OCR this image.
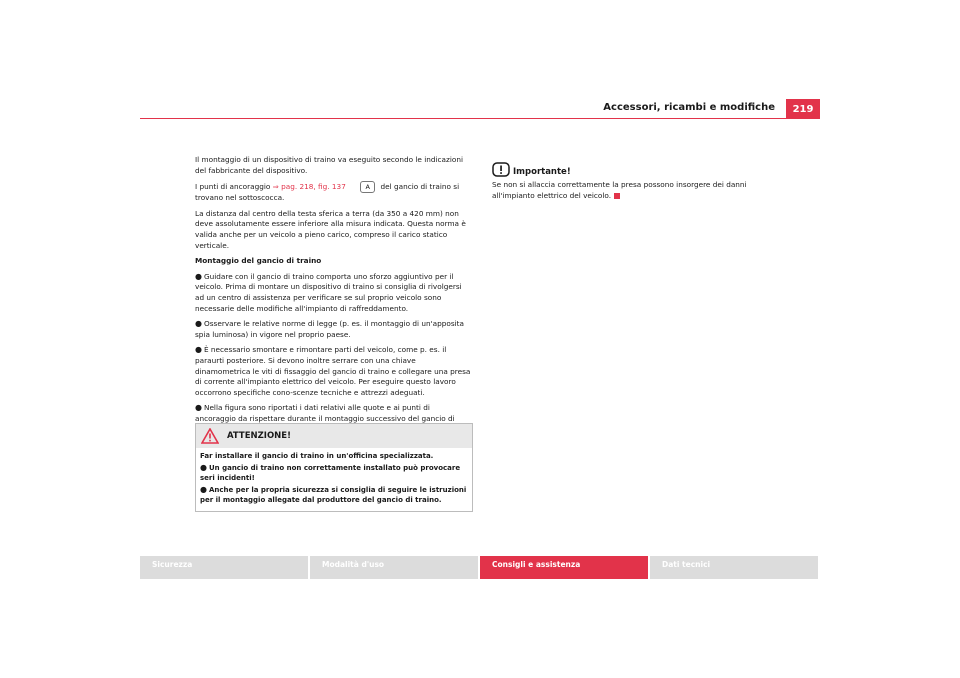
Accessori, ricambi e modifiche	219

Il montaggio di un dispositivo di traino va eseguito secondo le indicazioni del fabbricante del dispositivo.

I punti di ancoraggio ⇒ pag. 218, fig. 137	A del gancio di traino si trovano nel sottoscocca.

La distanza dal centro della testa sferica a terra (da 350 a 420 mm) non deve assolutamente essere inferiore alla misura indicata. Questa norma è valida anche per un veicolo a pieno carico, compreso il carico statico verticale.

Montaggio del gancio di traino

● Guidare con il gancio di traino comporta uno sforzo aggiuntivo per il veicolo. Prima di montare un dispositivo di traino si consiglia di rivolgersi ad un centro di assistenza per verificare se sul proprio veicolo sono necessarie delle modifiche all'impianto di raffreddamento.

● Osservare le relative norme di legge (p. es. il montaggio di un'apposita spia luminosa) in vigore nel proprio paese.

● È necessario smontare e rimontare parti del veicolo, come p. es. il paraurti posteriore. Si devono inoltre serrare con una chiave dinamometrica le viti di fissaggio del gancio di traino e collegare una presa di corrente all'impianto elettrico del veicolo. Per eseguire questo lavoro occorrono specifiche cono-scenze tecniche e attrezzi adeguati.

● Nella figura sono riportati i dati relativi alle quote e ai punti di ancoraggio da rispettare durante il montaggio successivo del gancio di

ATTENZIONE!

Far installare il gancio di traino in un'officina specializzata.

● Un gancio di traino non correttamente installato può provocare seri incidenti!

● Anche per la propria sicurezza si consiglia di seguire le istruzioni per il montaggio allegate dal produttore del gancio di traino.

Importante!
Se non si allaccia correttamente la presa possono insorgere dei danni all'impianto elettrico del veicolo.
Sicurezza	Modalità d'uso	Consigli e assistenza	Dati tecnici
